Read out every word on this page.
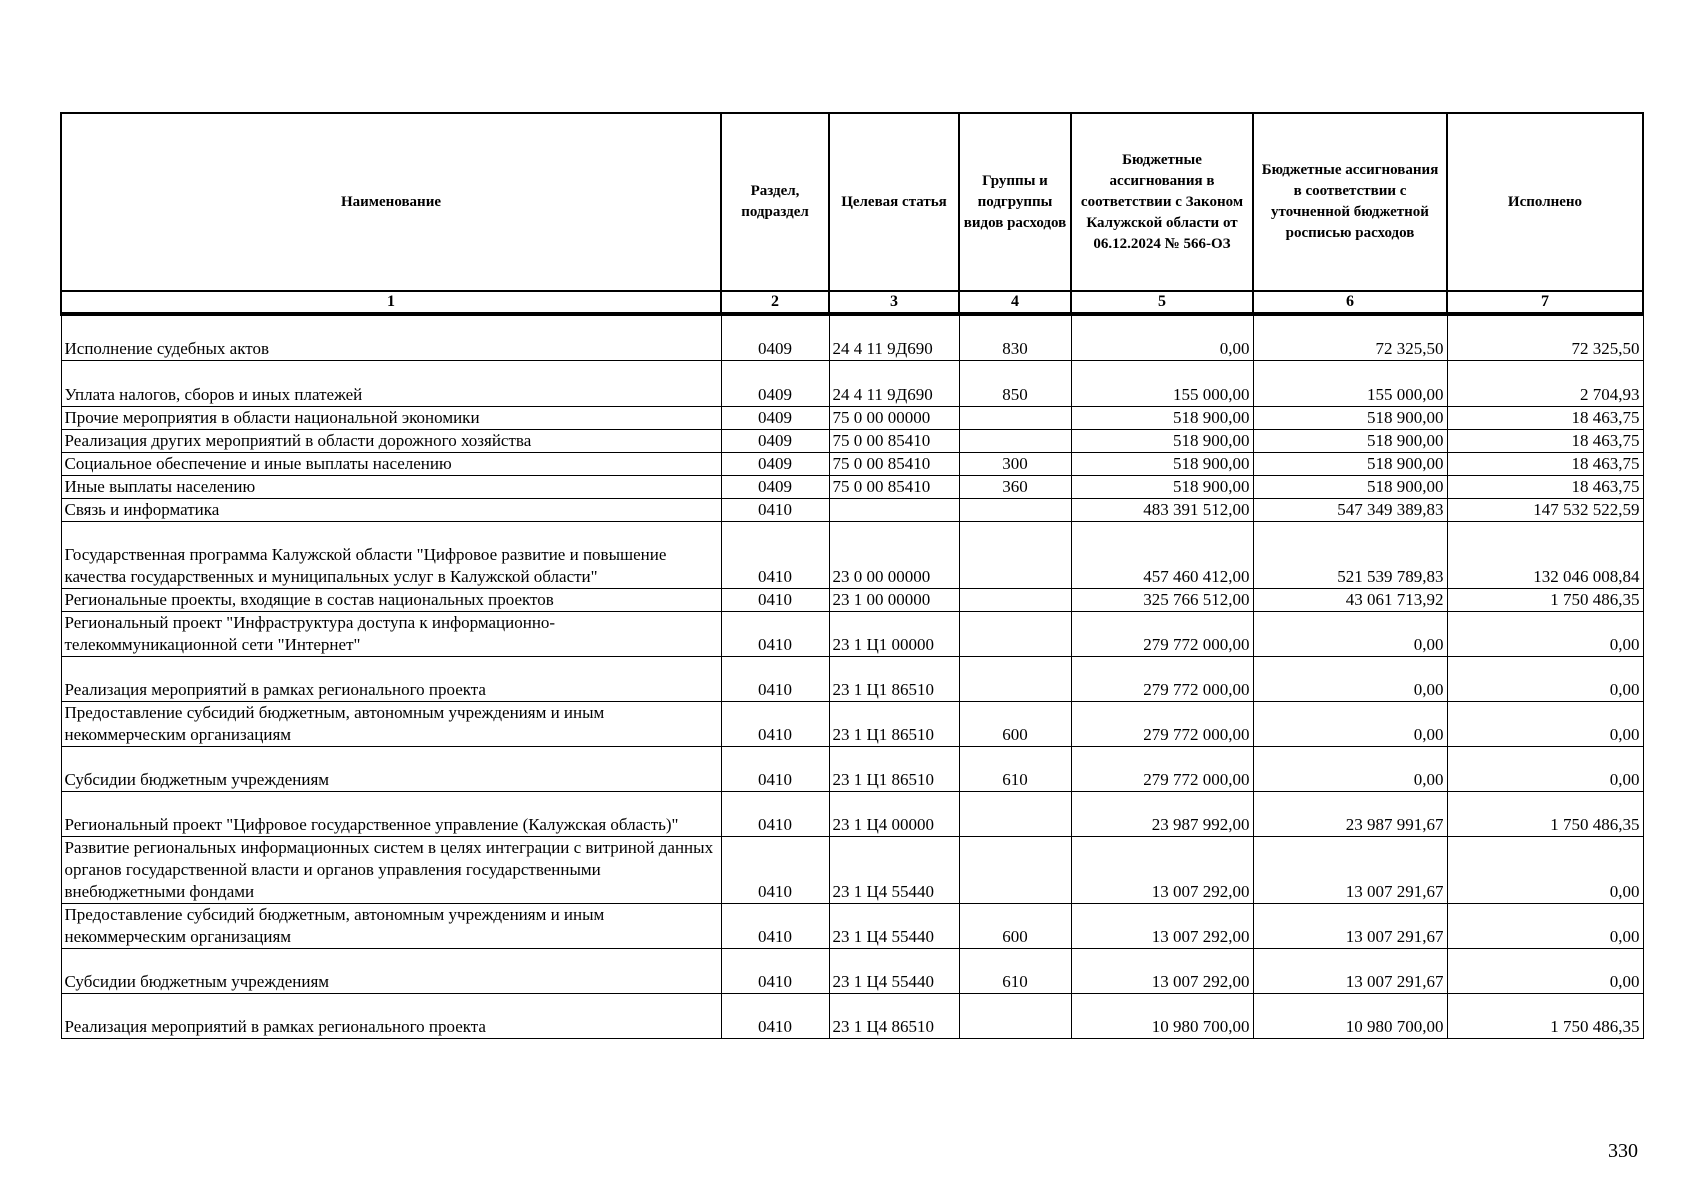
Наименование	Раздел, подраздел	Целевая статья	Группы и подгруппы видов расходов	Бюджетные ассигнования в соответствии с Законом Калужской области от 06.12.2024 № 566-ОЗ	Бюджетные ассигнования в соответствии с уточненной бюджетной росписью расходов	Исполнено
1	2	3	4	5	6	7
Исполнение судебных актов	0409	24 4 11 9Д690	830	0,00	72 325,50	72 325,50
Уплата налогов, сборов и иных платежей	0409	24 4 11 9Д690	850	155 000,00	155 000,00	2 704,93
Прочие мероприятия в области национальной экономики	0409	75 0 00 00000		518 900,00	518 900,00	18 463,75
Реализация других мероприятий в области дорожного хозяйства	0409	75 0 00 85410		518 900,00	518 900,00	18 463,75
Социальное обеспечение и иные выплаты населению	0409	75 0 00 85410	300	518 900,00	518 900,00	18 463,75
Иные выплаты населению	0409	75 0 00 85410	360	518 900,00	518 900,00	18 463,75
Связь и информатика	0410			483 391 512,00	547 349 389,83	147 532 522,59
Государственная программа Калужской области "Цифровое развитие и повышение качества государственных и муниципальных услуг в Калужской области"	0410	23 0 00 00000		457 460 412,00	521 539 789,83	132 046 008,84
Региональные проекты, входящие в состав национальных проектов	0410	23 1 00 00000		325 766 512,00	43 061 713,92	1 750 486,35
Региональный проект "Инфраструктура доступа к информационно-телекоммуникационной сети "Интернет"	0410	23 1 Ц1 00000		279 772 000,00	0,00	0,00
Реализация мероприятий в рамках регионального проекта	0410	23 1 Ц1 86510		279 772 000,00	0,00	0,00
Предоставление субсидий бюджетным, автономным учреждениям и иным некоммерческим организациям	0410	23 1 Ц1 86510	600	279 772 000,00	0,00	0,00
Субсидии бюджетным учреждениям	0410	23 1 Ц1 86510	610	279 772 000,00	0,00	0,00
Региональный проект "Цифровое государственное управление (Калужская область)"	0410	23 1 Ц4 00000		23 987 992,00	23 987 991,67	1 750 486,35
Развитие региональных информационных систем в целях интеграции с витриной данных органов государственной власти и органов управления государственными внебюджетными фондами	0410	23 1 Ц4 55440		13 007 292,00	13 007 291,67	0,00
Предоставление субсидий бюджетным, автономным учреждениям и иным некоммерческим организациям	0410	23 1 Ц4 55440	600	13 007 292,00	13 007 291,67	0,00
Субсидии бюджетным учреждениям	0410	23 1 Ц4 55440	610	13 007 292,00	13 007 291,67	0,00
Реализация мероприятий в рамках регионального проекта	0410	23 1 Ц4 86510		10 980 700,00	10 980 700,00	1 750 486,35
330
